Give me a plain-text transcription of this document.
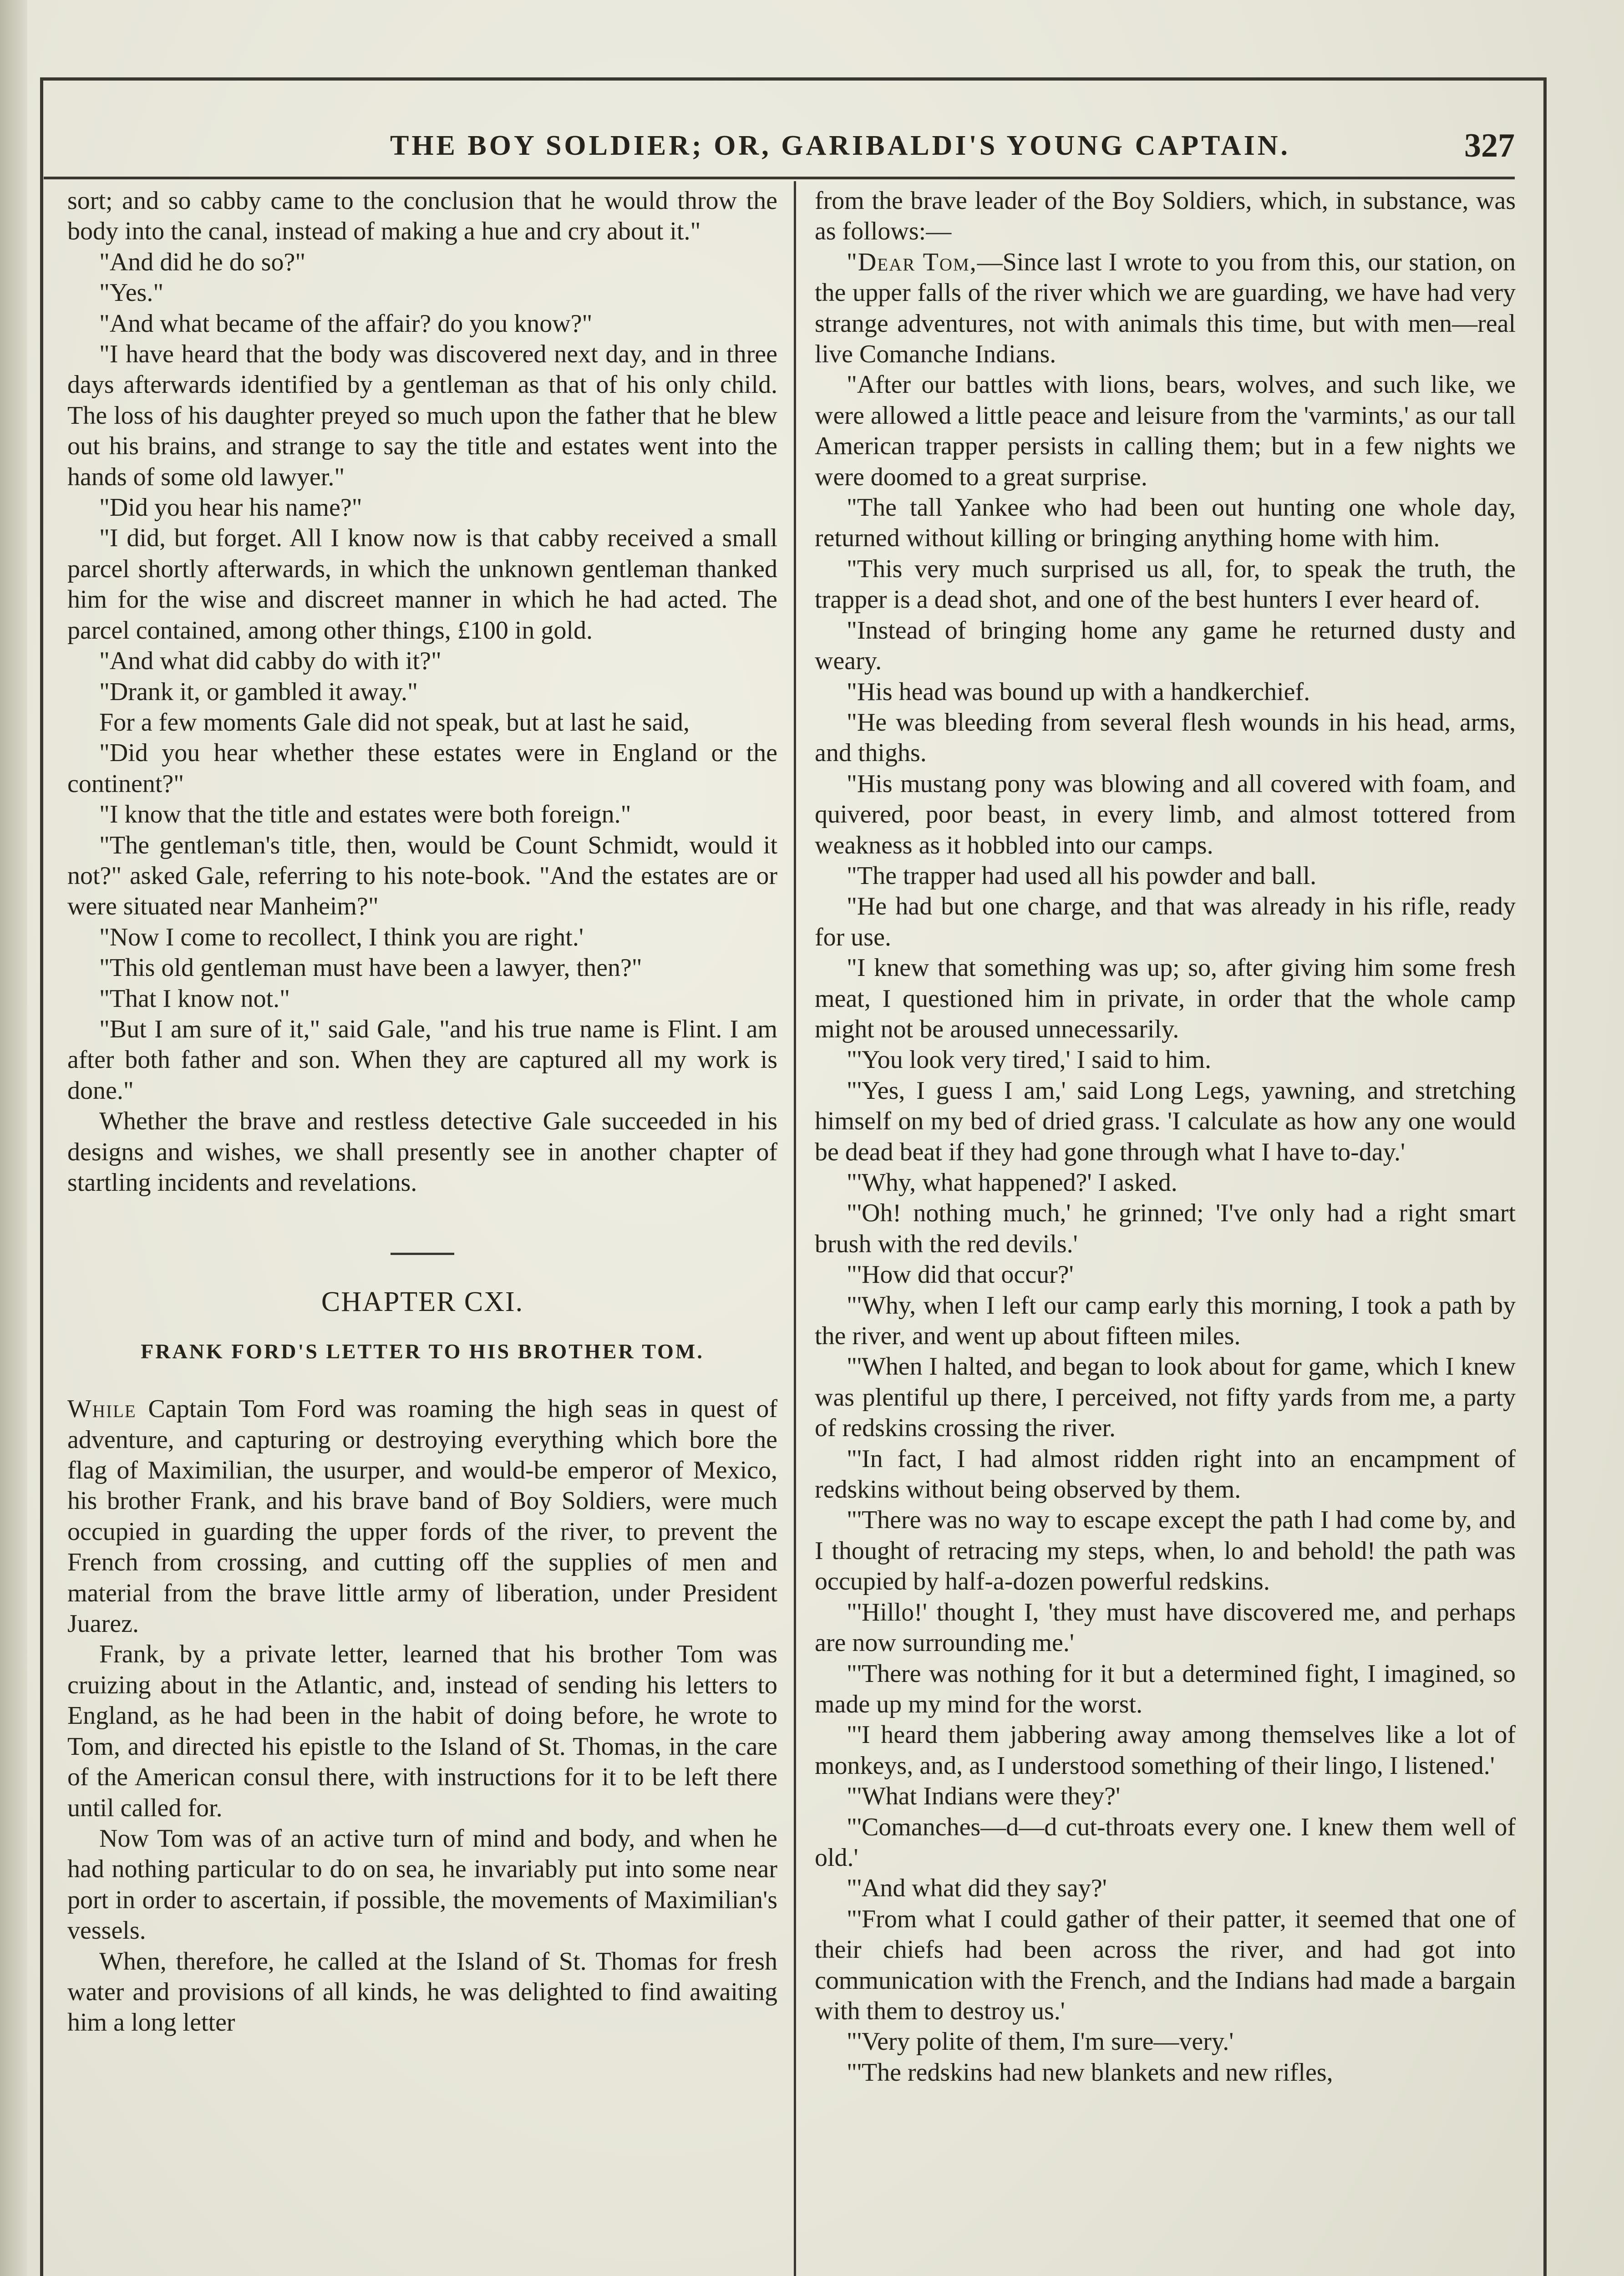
THE BOY SOLDIER; OR, GARIBALDI'S YOUNG CAPTAIN.	327

sort; and so cabby came to the conclusion that he would throw the body into the canal, instead of making a hue and cry about it."

"And did he do so?"

"Yes."

"And what became of the affair? do you know?"

"I have heard that the body was discovered next day, and in three days afterwards identified by a gentleman as that of his only child. The loss of his daughter preyed so much upon the father that he blew out his brains, and strange to say the title and estates went into the hands of some old lawyer."

"Did you hear his name?"

"I did, but forget. All I know now is that cabby received a small parcel shortly afterwards, in which the unknown gentleman thanked him for the wise and discreet manner in which he had acted. The parcel contained, among other things, £100 in gold.

"And what did cabby do with it?"

"Drank it, or gambled it away."

For a few moments Gale did not speak, but at last he said,

"Did you hear whether these estates were in England or the continent?"

"I know that the title and estates were both foreign."

"The gentleman's title, then, would be Count Schmidt, would it not?" asked Gale, referring to his note-book. "And the estates are or were situated near Manheim?"

"Now I come to recollect, I think you are right.'

"This old gentleman must have been a lawyer, then?"

"That I know not."

"But I am sure of it," said Gale, "and his true name is Flint. I am after both father and son. When they are captured all my work is done."

Whether the brave and restless detective Gale succeeded in his designs and wishes, we shall presently see in another chapter of startling incidents and revelations.

CHAPTER CXI.

FRANK FORD'S LETTER TO HIS BROTHER TOM.

While Captain Tom Ford was roaming the high seas in quest of adventure, and capturing or destroying everything which bore the flag of Maximilian, the usurper, and would-be emperor of Mexico, his brother Frank, and his brave band of Boy Soldiers, were much occupied in guarding the upper fords of the river, to prevent the French from crossing, and cutting off the supplies of men and material from the brave little army of liberation, under President Juarez.

Frank, by a private letter, learned that his brother Tom was cruizing about in the Atlantic, and, instead of sending his letters to England, as he had been in the habit of doing before, he wrote to Tom, and directed his epistle to the Island of St. Thomas, in the care of the American consul there, with instructions for it to be left there until called for.

Now Tom was of an active turn of mind and body, and when he had nothing particular to do on sea, he invariably put into some near port in order to ascertain, if possible, the movements of Maximilian's vessels.

When, therefore, he called at the Island of St. Thomas for fresh water and provisions of all kinds, he was delighted to find awaiting him a long letter

from the brave leader of the Boy Soldiers, which, in substance, was as follows:—

"Dear Tom,—Since last I wrote to you from this, our station, on the upper falls of the river which we are guarding, we have had very strange adventures, not with animals this time, but with men—real live Comanche Indians.

"After our battles with lions, bears, wolves, and such like, we were allowed a little peace and leisure from the 'varmints,' as our tall American trapper persists in calling them; but in a few nights we were doomed to a great surprise.

"The tall Yankee who had been out hunting one whole day, returned without killing or bringing anything home with him.

"This very much surprised us all, for, to speak the truth, the trapper is a dead shot, and one of the best hunters I ever heard of.

"Instead of bringing home any game he returned dusty and weary.

"His head was bound up with a handkerchief.

"He was bleeding from several flesh wounds in his head, arms, and thighs.

"His mustang pony was blowing and all covered with foam, and quivered, poor beast, in every limb, and almost tottered from weakness as it hobbled into our camps.

"The trapper had used all his powder and ball.

"He had but one charge, and that was already in his rifle, ready for use.

"I knew that something was up; so, after giving him some fresh meat, I questioned him in private, in order that the whole camp might not be aroused unnecessarily.

"'You look very tired,' I said to him.

"'Yes, I guess I am,' said Long Legs, yawning, and stretching himself on my bed of dried grass. 'I calculate as how any one would be dead beat if they had gone through what I have to-day.'

"'Why, what happened?' I asked.

"'Oh! nothing much,' he grinned; 'I've only had a right smart brush with the red devils.'

"'How did that occur?'

"'Why, when I left our camp early this morning, I took a path by the river, and went up about fifteen miles.

"'When I halted, and began to look about for game, which I knew was plentiful up there, I perceived, not fifty yards from me, a party of redskins crossing the river.

"'In fact, I had almost ridden right into an encampment of redskins without being observed by them.

"'There was no way to escape except the path I had come by, and I thought of retracing my steps, when, lo and behold! the path was occupied by half-a-dozen powerful redskins.

"'Hillo!' thought I, 'they must have discovered me, and perhaps are now surrounding me.'

"'There was nothing for it but a determined fight, I imagined, so made up my mind for the worst.

"'I heard them jabbering away among themselves like a lot of monkeys, and, as I understood something of their lingo, I listened.'

"'What Indians were they?'

"'Comanches—d—d cut-throats every one. I knew them well of old.'

"'And what did they say?'

"'From what I could gather of their patter, it seemed that one of their chiefs had been across the river, and had got into communication with the French, and the Indians had made a bargain with them to destroy us.'

"'Very polite of them, I'm sure—very.'

"'The redskins had new blankets and new rifles,
